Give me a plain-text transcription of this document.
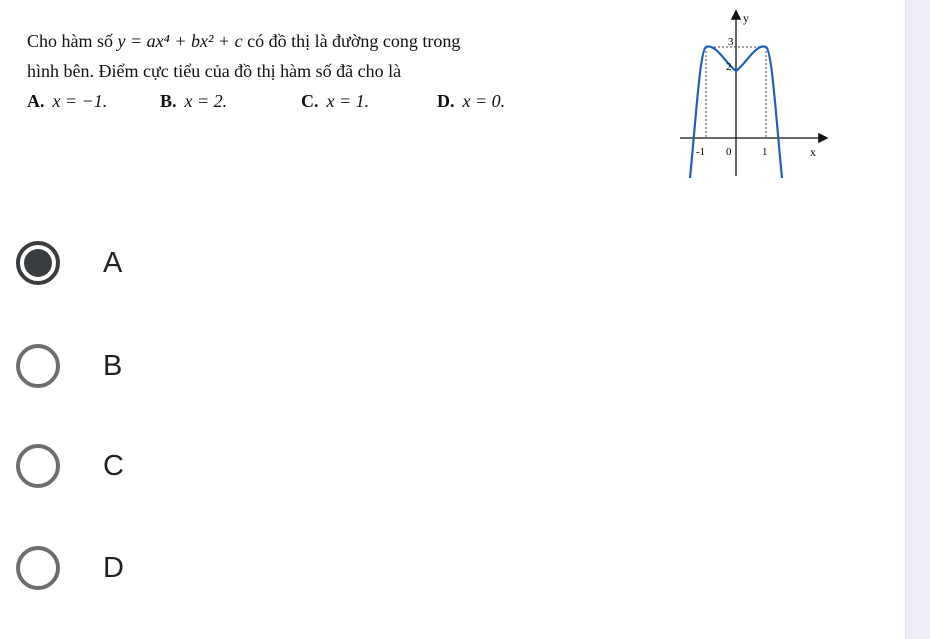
Cho hàm số y = ax⁴ + bx² + c có đồ thị là đường cong trong
hình bên. Điểm cực tiểu của đồ thị hàm số đã cho là
A. x = −1.	B. x = 2.	C. x = 1.	D. x = 0.
y
x
3
2
-1 0	1
A
B
C
D
